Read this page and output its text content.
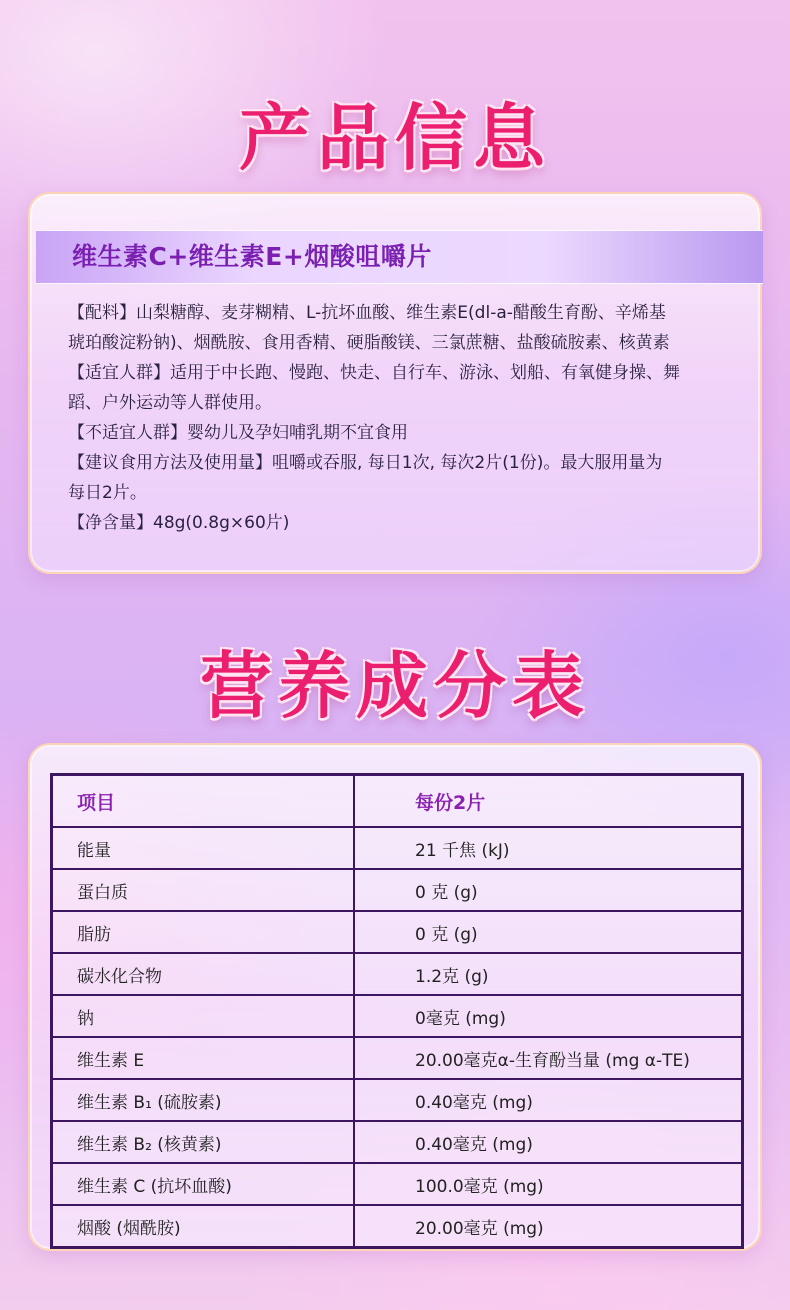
产品信息
维生素C+维生素E+烟酸咀嚼片

【配料】山梨糖醇、麦芽糊精、L-抗坏血酸、维生素E(dl-a-醋酸生育酚、辛烯基

琥珀酸淀粉钠)、烟酰胺、食用香精、硬脂酸镁、三氯蔗糖、盐酸硫胺素、核黄素

【适宜人群】适用于中长跑、慢跑、快走、自行车、游泳、划船、有氧健身操、舞

蹈、户外运动等人群使用。

【不适宜人群】婴幼儿及孕妇哺乳期不宜食用

【建议食用方法及使用量】咀嚼或吞服, 每日1次, 每次2片(1份)。最大服用量为

每日2片。

【净含量】48g(0.8g×60片)

营养成分表
项目	每份2片
能量	21 千焦 (kJ)
蛋白质	0 克 (g)
脂肪	0 克 (g)
碳水化合物	1.2克 (g)
钠	0毫克 (mg)
维生素 E	20.00毫克α-生育酚当量 (mg α-TE)
维生素 B₁ (硫胺素)	0.40毫克 (mg)
维生素 B₂ (核黄素)	0.40毫克 (mg)
维生素 C (抗坏血酸)	100.0毫克 (mg)
烟酸 (烟酰胺)	20.00毫克 (mg)
